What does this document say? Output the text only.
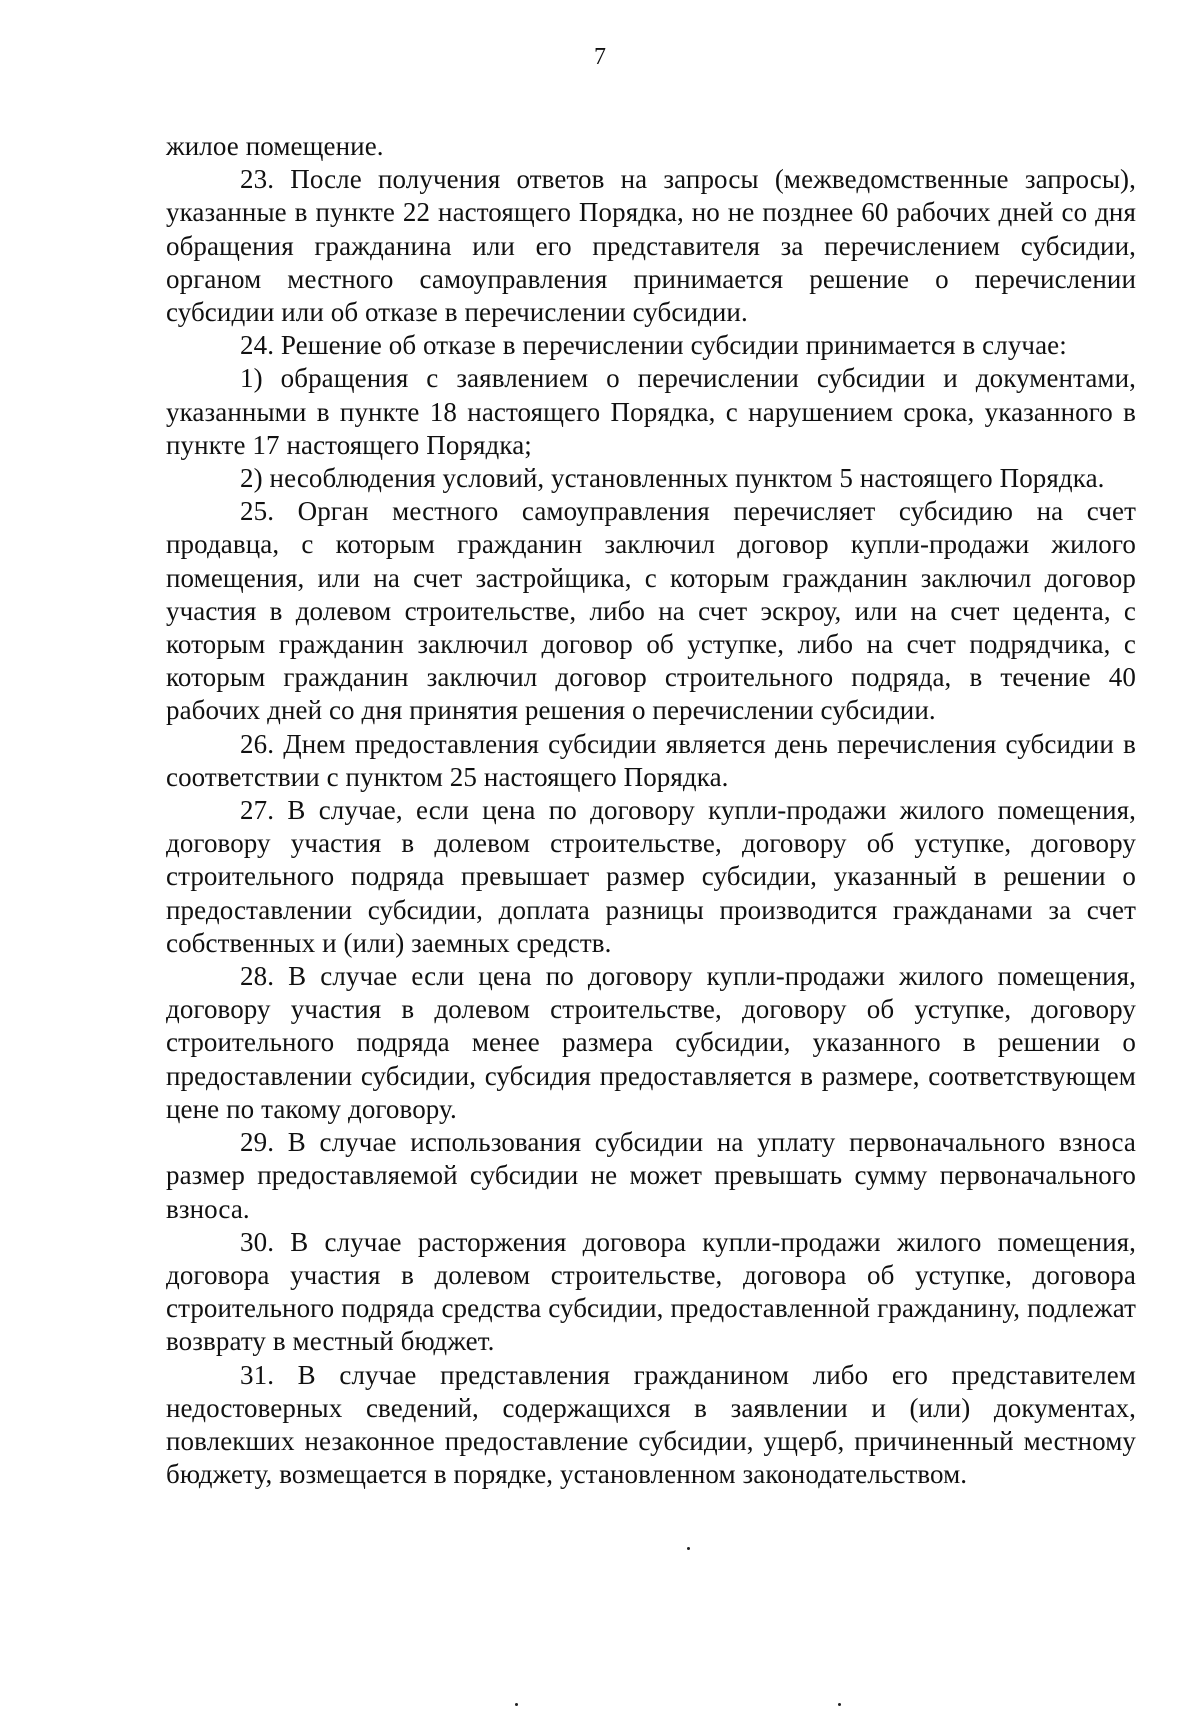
7

жилое помещение.

23. После получения ответов на запросы (межведомственные запросы), указанные в пункте 22 настоящего Порядка, но не позднее 60 рабочих дней со дня обращения гражданина или его представителя за перечислением субсидии, органом местного самоуправления принимается решение о перечислении субсидии или об отказе в перечислении субсидии.

24. Решение об отказе в перечислении субсидии принимается в случае:

1) обращения с заявлением о перечислении субсидии и документами, указанными в пункте 18 настоящего Порядка, с нарушением срока, указанного в пункте 17 настоящего Порядка;

2) несоблюдения условий, установленных пунктом 5 настоящего Порядка.

25. Орган местного самоуправления перечисляет субсидию на счет продавца, с которым гражданин заключил договор купли-продажи жилого помещения, или на счет застройщика, с которым гражданин заключил договор участия в долевом строительстве, либо на счет эскроу, или на счет цедента, с которым гражданин заключил договор об уступке, либо на счет подрядчика, с которым гражданин заключил договор строительного подряда, в течение 40 рабочих дней со дня принятия решения о перечислении субсидии.

26. Днем предоставления субсидии является день перечисления субсидии в соответствии с пунктом 25 настоящего Порядка.

27. В случае, если цена по договору купли-продажи жилого помещения, договору участия в долевом строительстве, договору об уступке, договору строительного подряда превышает размер субсидии, указанный в решении о предоставлении субсидии, доплата разницы производится гражданами за счет собственных и (или) заемных средств.

28. В случае если цена по договору купли-продажи жилого помещения, договору участия в долевом строительстве, договору об уступке, договору строительного подряда менее размера субсидии, указанного в решении о предоставлении субсидии, субсидия предоставляется в размере, соответствующем цене по такому договору.

29. В случае использования субсидии на уплату первоначального взноса размер предоставляемой субсидии не может превышать сумму первоначального взноса.

30. В случае расторжения договора купли-продажи жилого помещения, договора участия в долевом строительстве, договора об уступке, договора строительного подряда средства субсидии, предоставленной гражданину, подлежат возврату в местный бюджет.

31. В случае представления гражданином либо его представителем недостоверных сведений, содержащихся в заявлении и (или) документах, повлекших незаконное предоставление субсидии, ущерб, причиненный местному бюджету, возмещается в порядке, установленном законодательством.
